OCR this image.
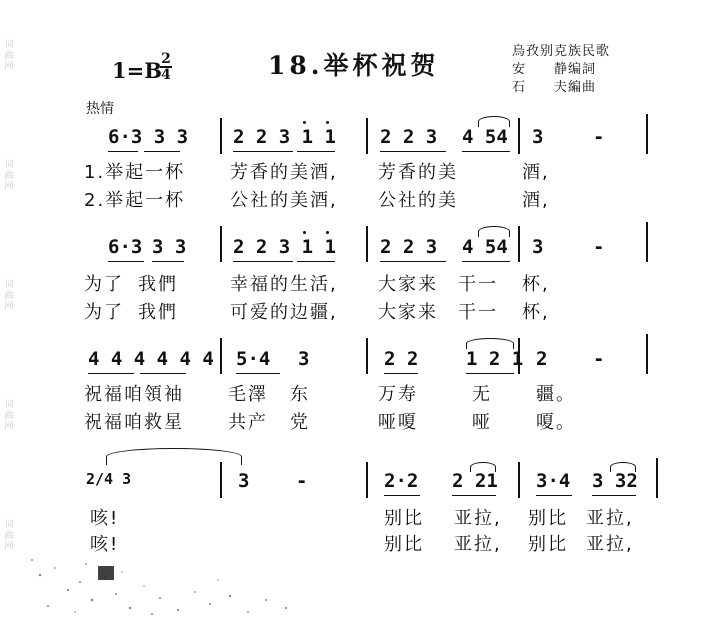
词
曲
网
词
曲
网
词
曲
网
词
曲
网
词
曲
网
1=B 2
4	18.举杯祝贺	烏孜别克族民歌
安　　静编詞
石　　夫編曲
热情
6·3 3 3 2 2 3 1 1 2 2 3 4 54 3	-
1.举起一杯 芳香的美酒, 芳香的美	酒,
2.举起一杯 公社的美酒, 公社的美	酒,
6·3 3 3 2 2 3 1 1 2 2 3 4 54 3	-
为了 我們	幸福的生活, 大家来 干一 杯,
为了 我們	可爱的边疆, 大家来 干一 杯,
4 4 4 4 4 4 5·4 3	2 2	1 2 1 2 -
祝福咱領袖 毛澤 东	万寿	无 疆。
祝福咱救星 共产 党	哑嗄	哑 嗄。
2/4 3	3 -	2·2 2 21 3·4 3 32
咳!	别比 亚拉, 别比 亚拉,
咳!	别比 亚拉, 别比 亚拉,
